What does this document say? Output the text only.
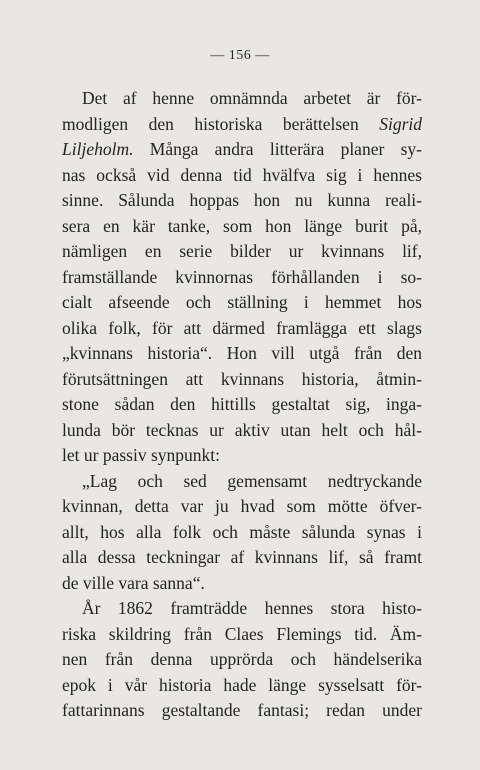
— 156 —
Det af henne omnämnda arbetet är för-
modligen den historiska berättelsen Sigrid
Liljeholm. Många andra litterära planer sy-
nas också vid denna tid hvälfva sig i hennes
sinne. Sålunda hoppas hon nu kunna reali-
sera en kär tanke, som hon länge burit på,
nämligen en serie bilder ur kvinnans lif,
framställande kvinnornas förhållanden i so-
cialt afseende och ställning i hemmet hos
olika folk, för att därmed framlägga ett slags
„kvinnans historia“. Hon vill utgå från den
förutsättningen att kvinnans historia, åtmin-
stone sådan den hittills gestaltat sig, inga-
lunda bör tecknas ur aktiv utan helt och hål-
let ur passiv synpunkt:
„Lag och sed gemensamt nedtryckande
kvinnan, detta var ju hvad som mötte öfver-
allt, hos alla folk och måste sålunda synas i
alla dessa teckningar af kvinnans lif, så framt
de ville vara sanna“.
År 1862 framträdde hennes stora histo-
riska skildring från Claes Flemings tid. Äm-
nen från denna upprörda och händelserika
epok i vår historia hade länge sysselsatt för-
fattarinnans gestaltande fantasi; redan under
